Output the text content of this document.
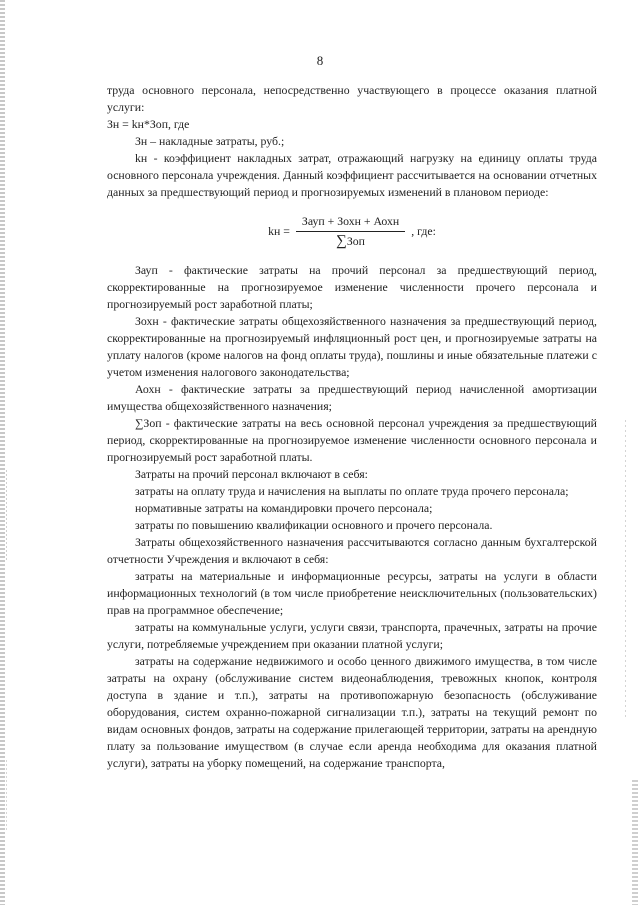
8

труда основного персонала, непосредственно участвующего в процессе оказания платной услуги:

Зн = kн*Зоп, где

Зн – накладные затраты, руб.;

kн - коэффициент накладных затрат, отражающий нагрузку на единицу оплаты труда основного персонала учреждения. Данный коэффициент рассчитывается на основании отчетных данных за предшествующий период и прогнозируемых изменений в плановом периоде:

kн = $\frac{\text{Зауп + Зохн + Аохн}}{\text{∑Зоп}}$ , где:

Зауп - фактические затраты на прочий персонал за предшествующий период, скорректированные на прогнозируемое изменение численности прочего персонала и прогнозируемый рост заработной платы;

Зохн - фактические затраты общехозяйственного назначения за предшествующий период, скорректированные на прогнозируемый инфляционный рост цен, и прогнозируемые затраты на уплату налогов (кроме налогов на фонд оплаты труда), пошлины и иные обязательные платежи с учетом изменения налогового законодательства;

Аохн - фактические затраты за предшествующий период начисленной амортизации имущества общехозяйственного назначения;

∑Зоп - фактические затраты на весь основной персонал учреждения за предшествующий период, скорректированные на прогнозируемое изменение численности основного персонала и прогнозируемый рост заработной платы.

Затраты на прочий персонал включают в себя:

затраты на оплату труда и начисления на выплаты по оплате труда прочего персонала;

нормативные затраты на командировки прочего персонала;

затраты по повышению квалификации основного и прочего персонала.

Затраты общехозяйственного назначения рассчитываются согласно данным бухгалтерской отчетности Учреждения и включают в себя:

затраты на материальные и информационные ресурсы, затраты на услуги в области информационных технологий (в том числе приобретение неисключительных (пользовательских) прав на программное обеспечение;

затраты на коммунальные услуги, услуги связи, транспорта, прачечных, затраты на прочие услуги, потребляемые учреждением при оказании платной услуги;

затраты на содержание недвижимого и особо ценного движимого имущества, в том числе затраты на охрану (обслуживание систем видеонаблюдения, тревожных кнопок, контроля доступа в здание и т.п.), затраты на противопожарную безопасность (обслуживание оборудования, систем охранно-пожарной сигнализации т.п.), затраты на текущий ремонт по видам основных фондов, затраты на содержание прилегающей территории, затраты на арендную плату за пользование имуществом (в случае если аренда необходима для оказания платной услуги), затраты на уборку помещений, на содержание транспорта,
